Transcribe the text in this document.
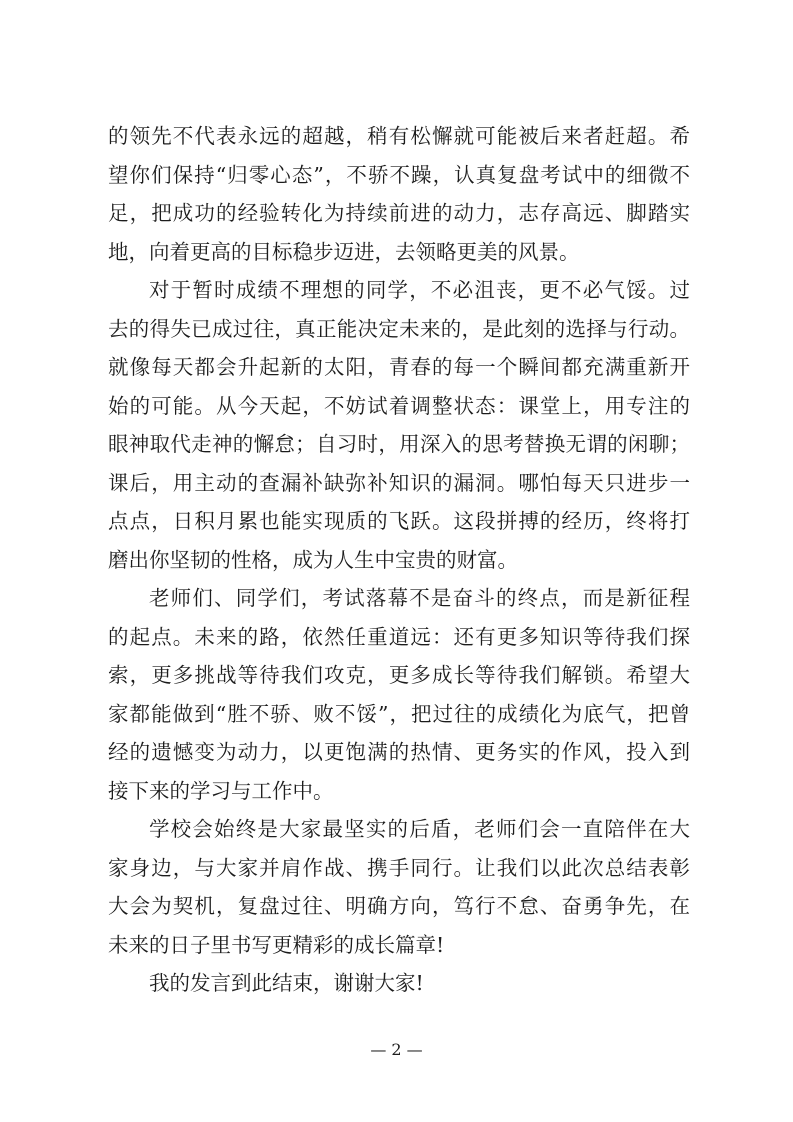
的领先不代表永远的超越，稍有松懈就可能被后来者赶超。希
望你们保持“归零心态”，不骄不躁，认真复盘考试中的细微不
足，把成功的经验转化为持续前进的动力，志存高远、脚踏实
地，向着更高的目标稳步迈进，去领略更美的风景。
对于暂时成绩不理想的同学，不必沮丧，更不必气馁。过
去的得失已成过往，真正能决定未来的，是此刻的选择与行动。
就像每天都会升起新的太阳，青春的每一个瞬间都充满重新开
始的可能。从今天起，不妨试着调整状态：课堂上，用专注的
眼神取代走神的懈怠；自习时，用深入的思考替换无谓的闲聊；
课后，用主动的查漏补缺弥补知识的漏洞。哪怕每天只进步一
点点，日积月累也能实现质的飞跃。这段拼搏的经历，终将打
磨出你坚韧的性格，成为人生中宝贵的财富。
老师们、同学们，考试落幕不是奋斗的终点，而是新征程
的起点。未来的路，依然任重道远：还有更多知识等待我们探
索，更多挑战等待我们攻克，更多成长等待我们解锁。希望大
家都能做到“胜不骄、败不馁”，把过往的成绩化为底气，把曾
经的遗憾变为动力，以更饱满的热情、更务实的作风，投入到
接下来的学习与工作中。
学校会始终是大家最坚实的后盾，老师们会一直陪伴在大
家身边，与大家并肩作战、携手同行。让我们以此次总结表彰
大会为契机，复盘过往、明确方向，笃行不怠、奋勇争先，在
未来的日子里书写更精彩的成长篇章!
我的发言到此结束，谢谢大家!
— 2 —
